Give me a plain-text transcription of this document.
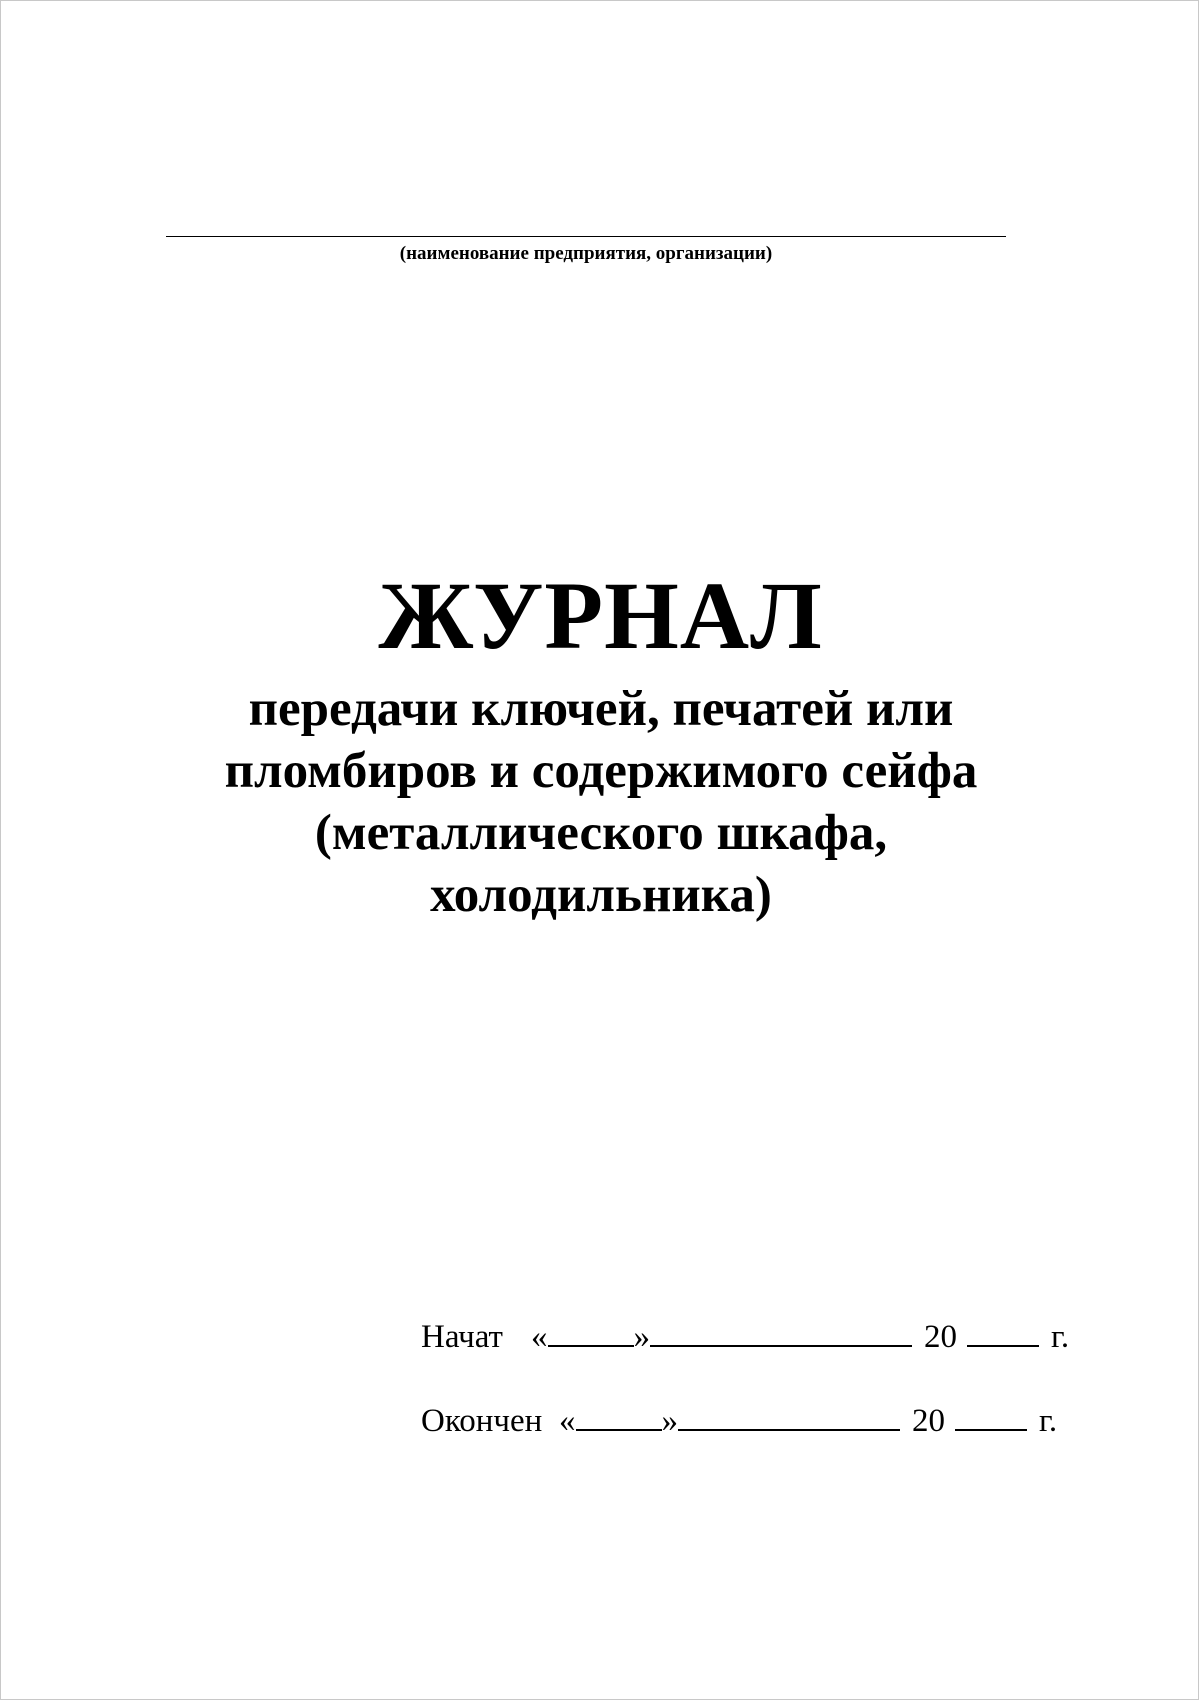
(наименование предприятия, организации)
ЖУРНАЛ
передачи ключей, печатей или
пломбиров и содержимого сейфа
(металлического шкафа,
холодильника)
Начат «	»	20	г.
Окончен «	»	20	г.
